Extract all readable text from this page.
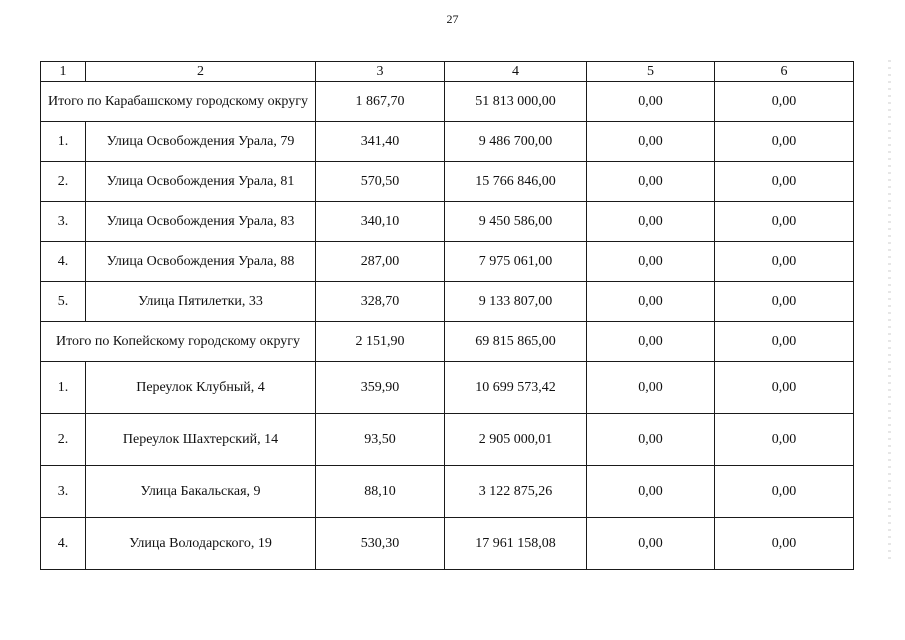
27
1	2	3	4	5	6
Итого по Карабашскому городскому округу		1 867,70	51 813 000,00	0,00	0,00
1.	Улица Освобождения Урала, 79	341,40	9 486 700,00	0,00	0,00
2.	Улица Освобождения Урала, 81	570,50	15 766 846,00	0,00	0,00
3.	Улица Освобождения Урала, 83	340,10	9 450 586,00	0,00	0,00
4.	Улица Освобождения Урала, 88	287,00	7 975 061,00	0,00	0,00
5.	Улица Пятилетки, 33	328,70	9 133 807,00	0,00	0,00
Итого по Копейскому городскому округу		2 151,90	69 815 865,00	0,00	0,00
1.	Переулок Клубный, 4	359,90	10 699 573,42	0,00	0,00
2.	Переулок Шахтерский, 14	93,50	2 905 000,01	0,00	0,00
3.	Улица Бакальская, 9	88,10	3 122 875,26	0,00	0,00
4.	Улица Володарского, 19	530,30	17 961 158,08	0,00	0,00
